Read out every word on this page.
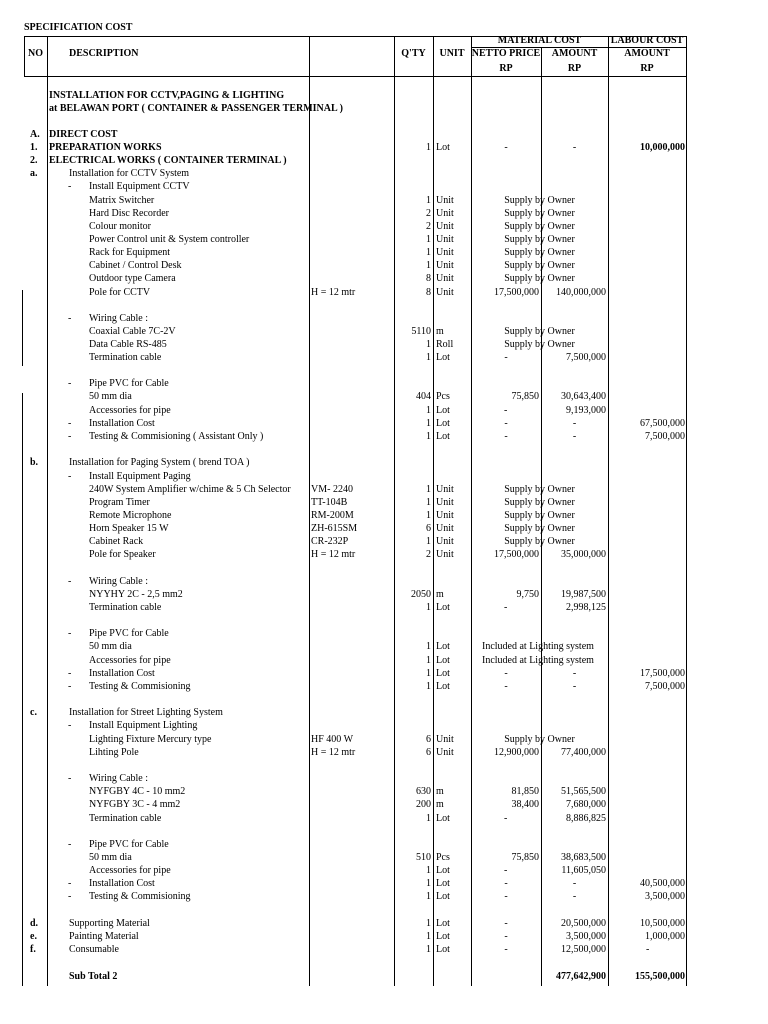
SPECIFICATION COST
NO	DESCRIPTION	Q'TY	UNIT
MATERIAL COST	LABOUR COST
NETTO PRICE	AMOUNT	AMOUNT
RP	RP	RP
INSTALLATION FOR CCTV,PAGING & LIGHTING
at BELAWAN PORT ( CONTAINER & PASSENGER TERMINAL )
A. DIRECT COST
1. PREPARATION WORKS	1 Lot	-	-	10,000,000
2. ELECTRICAL WORKS ( CONTAINER TERMINAL )
a.	Installation for CCTV System
- Install Equipment CCTV
Matrix Switcher	1 Unit	Supply by Owner
Hard Disc Recorder	2 Unit	Supply by Owner
Colour monitor	2 Unit	Supply by Owner
Power Control unit & System controller	1 Unit	Supply by Owner
Rack for Equipment	1 Unit	Supply by Owner
Cabinet / Control Desk	1 Unit	Supply by Owner
Outdoor type Camera	8 Unit	Supply by Owner
Pole for CCTV	H = 12 mtr	8 Unit	17,500,000	140,000,000
- Wiring Cable :
Coaxial Cable 7C-2V	5110 m	Supply by Owner
Data Cable RS-485	1 Roll	Supply by Owner
Termination cable	1 Lot	-	7,500,000
- Pipe PVC for Cable
50 mm dia	404 Pcs	75,850	30,643,400
Accessories for pipe	1 Lot	-	9,193,000
- Installation Cost	1 Lot	-	-	67,500,000
- Testing & Commisioning ( Assistant Only )	1 Lot	-	-	7,500,000
b.	Installation for Paging System ( brend TOA )
- Install Equipment Paging
240W System Amplifier w/chime & 5 Ch Selector VM- 2240	1 Unit	Supply by Owner
Program Timer	TT-104B	1 Unit	Supply by Owner
Remote Microphone	RM-200M	1 Unit	Supply by Owner
Horn Speaker 15 W	ZH-615SM	6 Unit	Supply by Owner
Cabinet Rack	CR-232P	1 Unit	Supply by Owner
Pole for Speaker	H = 12 mtr	2 Unit	17,500,000	35,000,000
- Wiring Cable :
NYYHY 2C - 2,5 mm2	2050 m	9,750	19,987,500
Termination cable	1 Lot	-	2,998,125
- Pipe PVC for Cable
50 mm dia	1 Lot	Included at Lighting system
Accessories for pipe	1 Lot	Included at Lighting system
- Installation Cost	1 Lot	-	-	17,500,000
- Testing & Commisioning	1 Lot	-	-	7,500,000
c.	Installation for Street Lighting System
- Install Equipment Lighting
Lighting Fixture Mercury type	HF 400 W	6 Unit	Supply by Owner
Lihting Pole	H = 12 mtr	6 Unit	12,900,000	77,400,000
- Wiring Cable :
NYFGBY 4C - 10 mm2	630 m	81,850	51,565,500
NYFGBY 3C - 4 mm2	200 m	38,400	7,680,000
Termination cable	1 Lot	-	8,886,825
- Pipe PVC for Cable
50 mm dia	510 Pcs	75,850	38,683,500
Accessories for pipe	1 Lot	-	11,605,050
- Installation Cost	1 Lot	-	-	40,500,000
- Testing & Commisioning	1 Lot	-	-	3,500,000
d.	Supporting Material	1 Lot	-	20,500,000	10,500,000
e.	Painting Material	1 Lot	-	3,500,000	1,000,000
f.	Consumable	1 Lot	-	12,500,000	-
Sub Total 2	477,642,900	155,500,000
